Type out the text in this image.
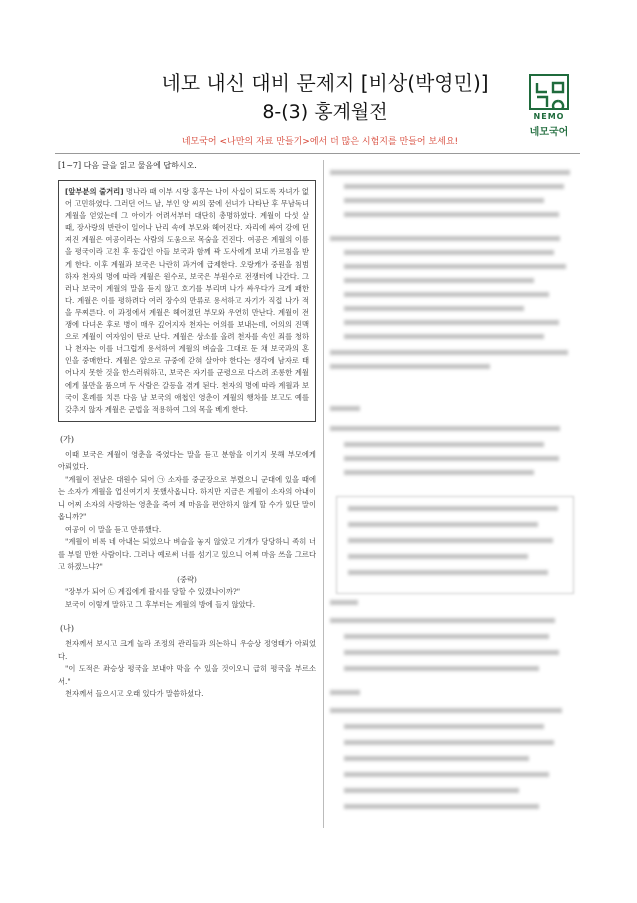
네모 내신 대비 문제지 [비상(박영민)]
8-(3) 홍계월전	NEMO
네모국어
네모국어 <나만의 자료 만들기>에서 더 많은 시험지를 만들어 보세요!

[1~7] 다음 글을 읽고 물음에 답하시오.

[앞부분의 줄거리] 명나라 때 이부 시랑 홍무는 나이 사십이 되도록 자녀가 없어 고민하였다. 그러던 어느 날, 부인 양 씨의 꿈에 선녀가 나타난 후 무남독녀 계월을 얻었는데 그 아이가 어려서부터 대단히 총명하였다. 계월이 다섯 살 때, 장사랑의 반란이 일어나 난리 속에 부모와 헤어진다. 자리에 싸여 강에 던져진 계월은 여공이라는 사람의 도움으로 목숨을 건진다. 여공은 계월의 이름을 평국이라 고친 후 동갑인 아들 보국과 함께 곽 도사에게 보내 가르침을 받게 한다. 이후 계월과 보국은 나란히 과거에 급제한다. 오랑캐가 중원을 침범하자 천자의 명에 따라 계월은 원수로, 보국은 부원수로 전쟁터에 나간다. 그러나 보국이 계월의 말을 듣지 않고 호기를 부리며 나가 싸우다가 크게 패한다. 계월은 이를 평하려다 여러 장수의 만류로 용서하고 자기가 직접 나가 적을 무찌른다. 이 과정에서 계월은 헤어졌던 부모와 우연히 만난다. 계월이 전쟁에 다녀온 후로 병이 매우 깊어지자 천자는 어의를 보내는데, 어의의 진맥으로 계월이 여자임이 탄로 난다. 계월은 상소를 올려 천자를 속인 죄를 청하나 천자는 이를 너그럽게 용서하여 계월의 벼슬을 그대로 둔 채 보국과의 혼인을 중매한다. 계월은 앞으로 규중에 갇혀 살아야 한다는 생각에 남자로 태어나지 못한 것을 한스러워하고, 보국은 자기를 군령으로 다스려 조롱한 계월에게 불만을 품으며 두 사람은 갈등을 겪게 된다. 천자의 명에 따라 계월과 보국이 혼례를 치른 다음 날 보국의 애첩인 영춘이 계월의 행차를 보고도 예를 갖추지 않자 계월은 군법을 적용하여 그의 목을 베게 한다.
(가)

이때 보국은 계월이 영춘을 죽였다는 말을 듣고 분함을 이기지 못해 부모에게 아뢰었다.

"계월이 전날은 대원수 되어 ㉠ 소자를 중군장으로 부렸으니 군대에 있을 때에는 소자가 계월을 업신여기지 못했사옵니다. 하지만 지금은 계월이 소자의 아내이니 어찌 소자의 사랑하는 영춘을 죽여 제 마음을 편안하지 않게 할 수가 있단 말이옵니까?"

여공이 이 말을 듣고 만류했다.

"계월이 비록 네 아내는 되었으나 벼슬을 놓지 않았고 기개가 당당하니 족히 너를 부릴 만한 사람이다. 그러나 예로써 너를 섬기고 있으니 어찌 마음 쓰을 그르다고 하겠느냐?"

(중략)

"장부가 되어 ㉡ 계집에게 괄시를 당할 수 있겠나이까?"

보국이 이렇게 말하고 그 후부터는 계월의 방에 들지 않았다.

(나)

천자께서 보시고 크게 놀라 조정의 관리들과 의논하니 우승상 정영태가 아뢰었다.

"이 도적은 좌승상 평국을 보내야 막을 수 있을 것이오니 급히 평국을 부르소서."

천자께서 들으시고 오래 있다가 말씀하셨다.
